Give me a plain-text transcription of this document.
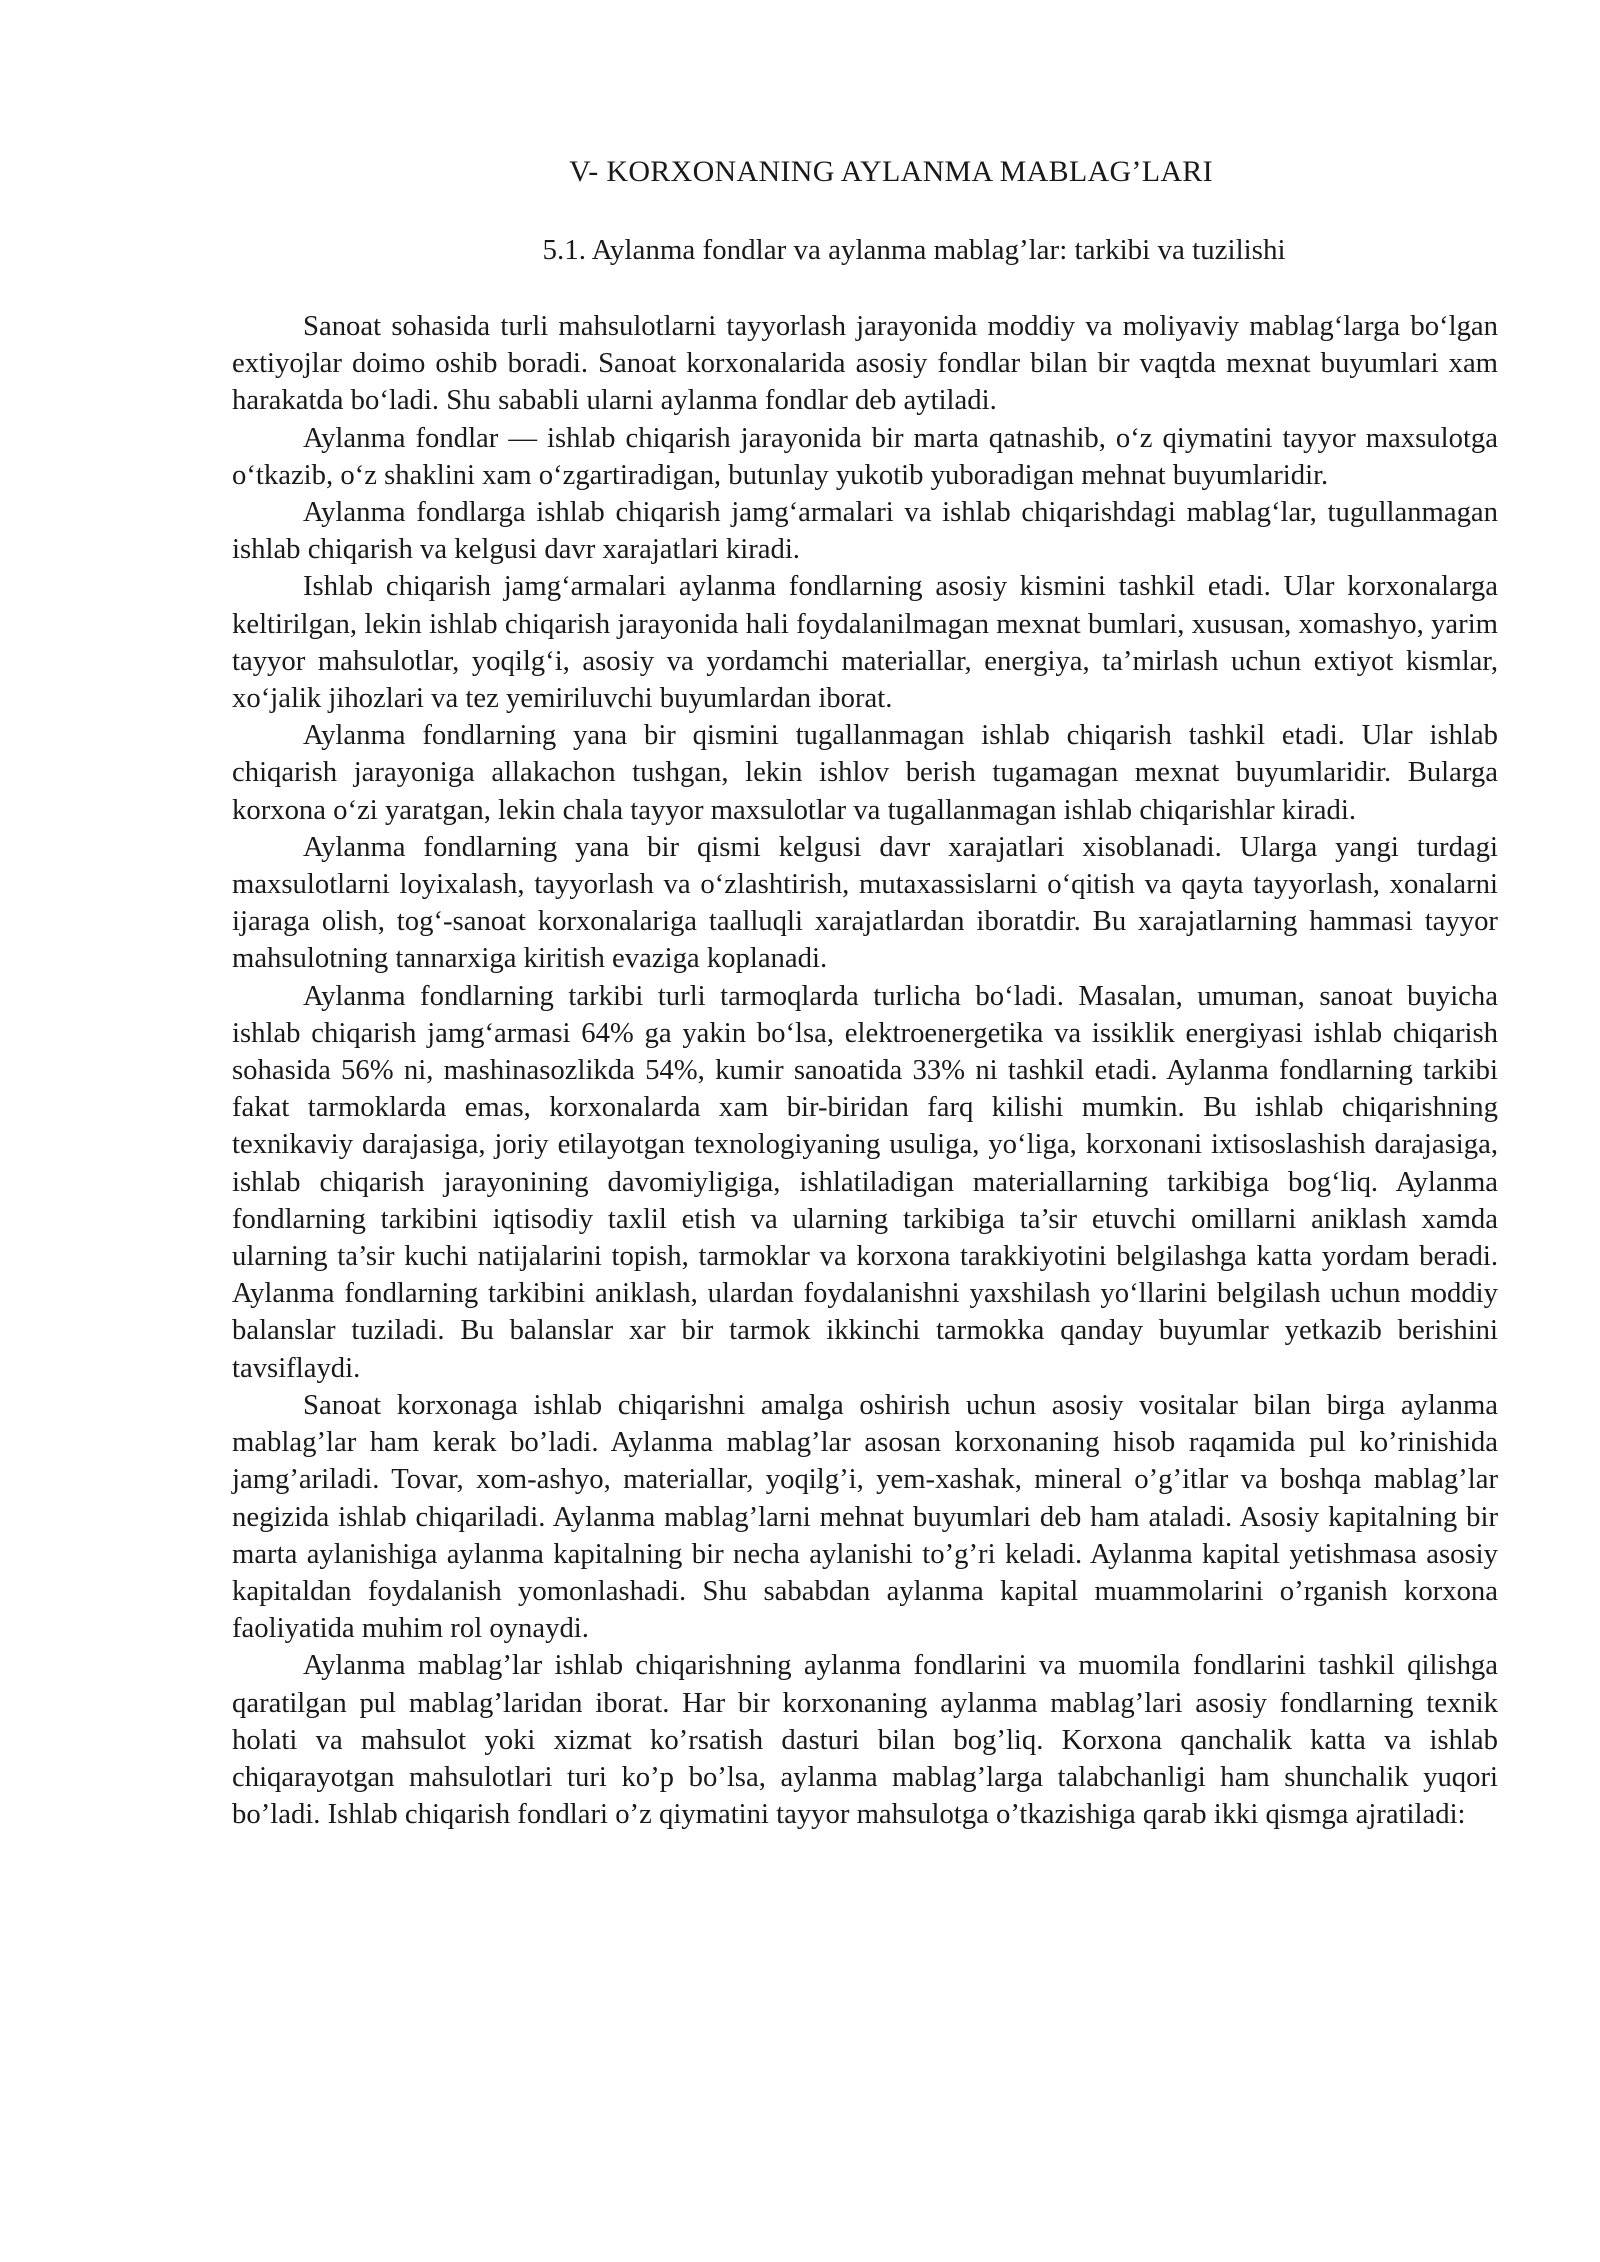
V- KORXONANING AYLANMA MABLAG’LARI
5.1. Aylanma fondlar va aylanma mablag’lar: tarkibi va tuzilishi

Sanoat sohasida turli mahsulotlarni tayyorlash jarayonida moddiy va moliyaviy mablag‘larga bo‘lgan extiyojlar doimo oshib boradi. Sanoat korxonalarida asosiy fondlar bilan bir vaqtda mexnat buyumlari xam harakatda bo‘ladi. Shu sababli ularni aylanma fondlar deb aytiladi.

Aylanma fondlar — ishlab chiqarish jarayonida bir marta qatnashib, o‘z qiymatini tayyor maxsulotga o‘tkazib, o‘z shaklini xam o‘zgartiradigan, butunlay yukotib yuboradigan mehnat buyumlaridir.

Aylanma fondlarga ishlab chiqarish jamg‘armalari va ishlab chiqarishdagi mablag‘lar, tugullanmagan ishlab chiqarish va kelgusi davr xarajatlari kiradi.

Ishlab chiqarish jamg‘armalari aylanma fondlarning asosiy kismini tashkil etadi. Ular korxonalarga keltirilgan, lekin ishlab chiqarish jarayonida hali foydalanilmagan mexnat bumlari, xususan, xomashyo, yarim tayyor mahsulotlar, yoqilg‘i, asosiy va yordamchi materiallar, energiya, ta’mirlash uchun extiyot kismlar, xo‘jalik jihozlari va tez yemiriluvchi buyumlardan iborat.

Aylanma fondlarning yana bir qismini tugallanmagan ishlab chiqarish tashkil etadi. Ular ishlab chiqarish jarayoniga allakachon tushgan, lekin ishlov berish tugamagan mexnat buyumlaridir. Bularga korxona o‘zi yaratgan, lekin chala tayyor maxsulotlar va tugallanmagan ishlab chiqarishlar kiradi.

Aylanma fondlarning yana bir qismi kelgusi davr xarajatlari xisoblanadi. Ularga yangi turdagi maxsulotlarni loyixalash, tayyorlash va o‘zlashtirish, mutaxassislarni o‘qitish va qayta tayyorlash, xonalarni ijaraga olish, tog‘-sanoat korxonalariga taalluqli xarajatlardan iboratdir. Bu xarajatlarning hammasi tayyor mahsulotning tannarxiga kiritish evaziga koplanadi.

Aylanma fondlarning tarkibi turli tarmoqlarda turlicha bo‘ladi. Masalan, umuman, sanoat buyicha ishlab chiqarish jamg‘armasi 64% ga yakin bo‘lsa, elektroenergetika va issiklik energiyasi ishlab chiqarish sohasida 56% ni, mashinasozlikda 54%, kumir sanoatida 33% ni tashkil etadi. Aylanma fondlarning tarkibi fakat tarmoklarda emas, korxonalarda xam bir-biridan farq kilishi mumkin. Bu ishlab chiqarishning texnikaviy darajasiga, joriy etilayotgan texnologiyaning usuliga, yo‘liga, korxonani ixtisoslashish darajasiga, ishlab chiqarish jarayonining davomiyligiga, ishlatiladigan materiallarning tarkibiga bog‘liq. Aylanma fondlarning tarkibini iqtisodiy taxlil etish va ularning tarkibiga ta’sir etuvchi omillarni aniklash xamda ularning ta’sir kuchi natijalarini topish, tarmoklar va korxona tarakkiyotini belgilashga katta yordam beradi. Aylanma fondlarning tarkibini aniklash, ulardan foydalanishni yaxshilash yo‘llarini belgilash uchun moddiy balanslar tuziladi. Bu balanslar xar bir tarmok ikkinchi tarmokka qanday buyumlar yetkazib berishini tavsiflaydi.

Sanoat korxonaga ishlab chiqarishni amalga oshirish uchun asosiy vositalar bilan birga aylanma mablag’lar ham kerak bo’ladi. Aylanma mablag’lar asosan korxonaning hisob raqamida pul ko’rinishida jamg’ariladi. Tovar, xom-ashyo, materiallar, yoqilg’i, yem-xashak, mineral o’g’itlar va boshqa mablag’lar negizida ishlab chiqariladi. Aylanma mablag’larni mehnat buyumlari deb ham ataladi. Asosiy kapitalning bir marta aylanishiga aylanma kapitalning bir necha aylanishi to’g’ri keladi. Aylanma kapital yetishmasa asosiy kapitaldan foydalanish yomonlashadi. Shu sababdan aylanma kapital muammolarini o’rganish korxona faoliyatida muhim rol oynaydi.

Aylanma mablag’lar ishlab chiqarishning aylanma fondlarini va muomila fondlarini tashkil qilishga qaratilgan pul mablag’laridan iborat. Har bir korxonaning aylanma mablag’lari asosiy fondlarning texnik holati va mahsulot yoki xizmat ko’rsatish dasturi bilan bog’liq. Korxona qanchalik katta va ishlab chiqarayotgan mahsulotlari turi ko’p bo’lsa, aylanma mablag’larga talabchanligi ham shunchalik yuqori bo’ladi. Ishlab chiqarish fondlari o’z qiymatini tayyor mahsulotga o’tkazishiga qarab ikki qismga ajratiladi:
